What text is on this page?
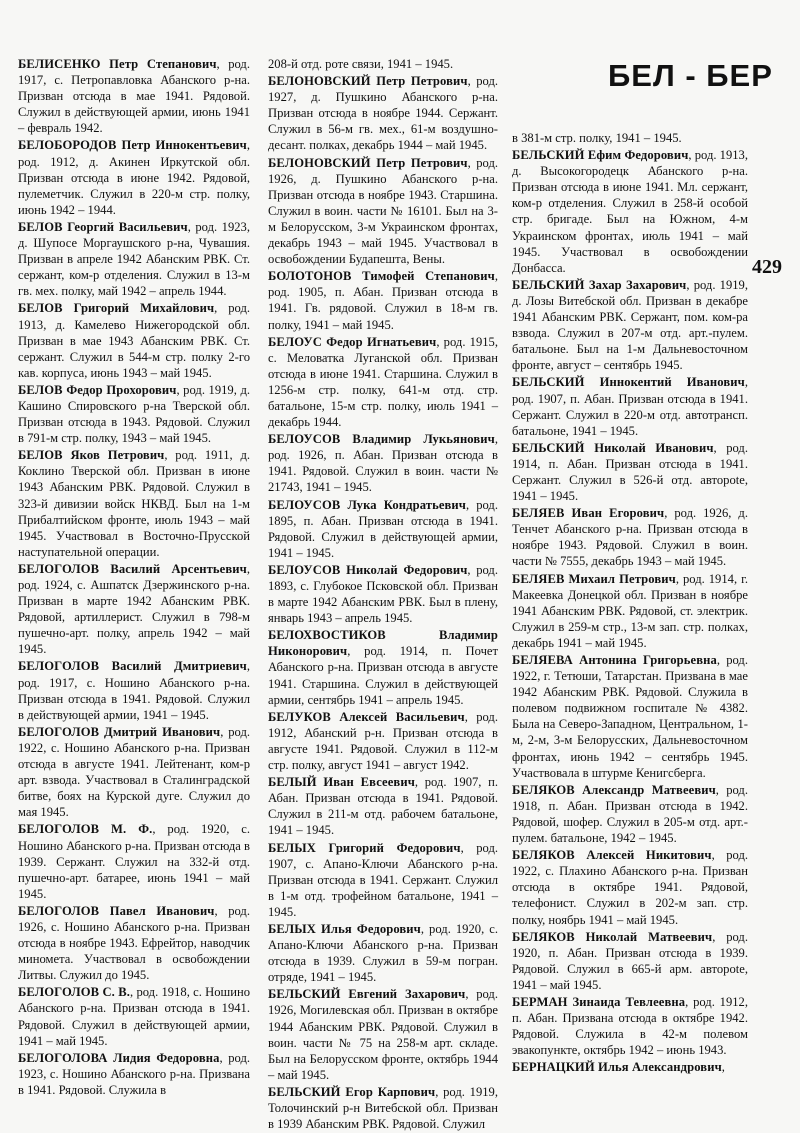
БЕЛ - БЕР
429
БЕЛИСЕНКО Петр Степанович, род. 1917, с. Петропавловка Абанского р-на. Призван отсюда в мае 1941. Рядовой. Служил в действующей армии, июнь 1941 – февраль 1942.
БЕЛОБОРОДОВ Петр Иннокентьевич, род. 1912, д. Акинен Иркутской обл. Призван отсюда в июне 1942. Рядовой, пулеметчик. Служил в 220-м стр. полку, июнь 1942 – 1944.
БЕЛОВ Георгий Васильевич, род. 1923, д. Шупосе Моргаушского р-на, Чувашия. Призван в апреле 1942 Абанским РВК. Ст. сержант, ком-р отделения. Служил в 13-м гв. мех. полку, май 1942 – апрель 1944.
БЕЛОВ Григорий Михайлович, род. 1913, д. Камелево Нижегородской обл. Призван в мае 1943 Абанским РВК. Ст. сержант. Служил в 544-м стр. полку 2-го кав. корпуса, июнь 1943 – май 1945.
БЕЛОВ Федор Прохорович, род. 1919, д. Кашино Спировского р-на Тверской обл. Призван отсюда в 1943. Рядовой. Служил в 791-м стр. полку, 1943 – май 1945.
БЕЛОВ Яков Петрович, род. 1911, д. Коклино Тверской обл. Призван в июне 1943 Абанским РВК. Рядовой. Служил в 323-й дивизии войск НКВД. Был на 1-м Прибалтийском фронте, июль 1943 – май 1945. Участвовал в Восточно-Прусской наступательной операции.
БЕЛОГОЛОВ Василий Арсентьевич, род. 1924, с. Ашпатск Дзержинского р-на. Призван в марте 1942 Абанским РВК. Рядовой, артиллерист. Служил в 798-м пушечно-арт. полку, апрель 1942 – май 1945.
БЕЛОГОЛОВ Василий Дмитриевич, род. 1917, с. Ношино Абанского р-на. Призван отсюда в 1941. Рядовой. Служил в действующей армии, 1941 – 1945.
БЕЛОГОЛОВ Дмитрий Иванович, род. 1922, с. Ношино Абанского р-на. Призван отсюда в августе 1941. Лейтенант, ком-р арт. взвода. Участвовал в Сталинградской битве, боях на Курской дуге. Служил до мая 1945.
БЕЛОГОЛОВ М. Ф., род. 1920, с. Ношино Абанского р-на. Призван отсюда в 1939. Сержант. Служил на 332-й отд. пушечно-арт. батарее, июнь 1941 – май 1945.
БЕЛОГОЛОВ Павел Иванович, род. 1926, с. Ношино Абанского р-на. Призван отсюда в ноябре 1943. Ефрейтор, наводчик миномета. Участвовал в освобождении Литвы. Служил до 1945.
БЕЛОГОЛОВ С. В., род. 1918, с. Ношино Абанского р-на. Призван отсюда в 1941. Рядовой. Служил в действующей армии, 1941 – май 1945.
БЕЛОГОЛОВА Лидия Федоровна, род. 1923, с. Ношино Абанского р-на. Призвана в 1941. Рядовой. Служила в
208-й отд. роте связи, 1941 – 1945.
БЕЛОНОВСКИЙ Петр Петрович, род. 1927, д. Пушкино Абанского р-на. Призван отсюда в ноябре 1944. Сержант. Служил в 56-м гв. мех., 61-м воздушно-десант. полках, декабрь 1944 – май 1945.
БЕЛОНОВСКИЙ Петр Петрович, род. 1926, д. Пушкино Абанского р-на. Призван отсюда в ноябре 1943. Старшина. Служил в воин. части № 16101. Был на 3-м Белорусском, 3-м Украинском фронтах, декабрь 1943 – май 1945. Участвовал в освобождении Будапешта, Вены.
БОЛОТОНОВ Тимофей Степанович, род. 1905, п. Абан. Призван отсюда в 1941. Гв. рядовой. Служил в 18-м гв. полку, 1941 – май 1945.
БЕЛОУС Федор Игнатьевич, род. 1915, с. Меловатка Луганской обл. Призван отсюда в июне 1941. Старшина. Служил в 1256-м стр. полку, 641-м отд. стр. батальоне, 15-м стр. полку, июль 1941 – декабрь 1944.
БЕЛОУСОВ Владимир Лукьянович, род. 1926, п. Абан. Призван отсюда в 1941. Рядовой. Служил в воин. части № 21743, 1941 – 1945.
БЕЛОУСОВ Лука Кондратьевич, род. 1895, п. Абан. Призван отсюда в 1941. Рядовой. Служил в действующей армии, 1941 – 1945.
БЕЛОУСОВ Николай Федорович, род. 1893, с. Глубокое Псковской обл. Призван в марте 1942 Абанским РВК. Был в плену, январь 1943 – апрель 1945.
БЕЛОХВОСТИКОВ Владимир Никонорович, род. 1914, п. Почет Абанского р-на. Призван отсюда в августе 1941. Старшина. Служил в действующей армии, сентябрь 1941 – апрель 1945.
БЕЛУКОВ Алексей Васильевич, род. 1912, Абанский р-н. Призван отсюда в августе 1941. Рядовой. Служил в 112-м стр. полку, август 1941 – август 1942.
БЕЛЫЙ Иван Евсеевич, род. 1907, п. Абан. Призван отсюда в 1941. Рядовой. Служил в 211-м отд. рабочем батальоне, 1941 – 1945.
БЕЛЫХ Григорий Федорович, род. 1907, с. Апано-Ключи Абанского р-на. Призван отсюда в 1941. Сержант. Служил в 1-м отд. трофейном батальоне, 1941 – 1945.
БЕЛЫХ Илья Федорович, род. 1920, с. Апано-Ключи Абанского р-на. Призван отсюда в 1939. Служил в 59-м погран. отряде, 1941 – 1945.
БЕЛЬСКИЙ Евгений Захарович, род. 1926, Могилевская обл. Призван в октябре 1944 Абанским РВК. Рядовой. Служил в воин. части № 75 на 258-м арт. складе. Был на Белорусском фронте, октябрь 1944 – май 1945.
БЕЛЬСКИЙ Егор Карпович, род. 1919, Толочинский р-н Витебской обл. Призван в 1939 Абанским РВК. Рядовой. Служил
в 381-м стр. полку, 1941 – 1945.
БЕЛЬСКИЙ Ефим Федорович, род. 1913, д. Высокогородецк Абанского р-на. Призван отсюда в июне 1941. Мл. сержант, ком-р отделения. Служил в 258-й особой стр. бригаде. Был на Южном, 4-м Украинском фронтах, июль 1941 – май 1945. Участвовал в освобождении Донбасса.
БЕЛЬСКИЙ Захар Захарович, род. 1919, д. Лозы Витебской обл. Призван в декабре 1941 Абанским РВК. Сержант, пом. ком-ра взвода. Служил в 207-м отд. арт.-пулем. батальоне. Был на 1-м Дальневосточном фронте, август – сентябрь 1945.
БЕЛЬСКИЙ Иннокентий Иванович, род. 1907, п. Абан. Призван отсюда в 1941. Сержант. Служил в 220-м отд. автотрансп. батальоне, 1941 – 1945.
БЕЛЬСКИЙ Николай Иванович, род. 1914, п. Абан. Призван отсюда в 1941. Сержант. Служил в 526-й отд. авторote, 1941 – 1945.
БЕЛЯЕВ Иван Егорович, род. 1926, д. Тенчет Абанского р-на. Призван отсюда в ноябре 1943. Рядовой. Служил в воин. части № 7555, декабрь 1943 – май 1945.
БЕЛЯЕВ Михаил Петрович, род. 1914, г. Макеевка Донецкой обл. Призван в ноябре 1941 Абанским РВК. Рядовой, ст. электрик. Служил в 259-м стр., 13-м зап. стр. полках, декабрь 1941 – май 1945.
БЕЛЯЕВА Антонина Григорьевна, род. 1922, г. Тетюши, Татарстан. Призвана в мае 1942 Абанским РВК. Рядовой. Служила в полевом подвижном госпитале № 4382. Была на Северо-Западном, Центральном, 1-м, 2-м, 3-м Белорусских, Дальневосточном фронтах, июнь 1942 – сентябрь 1945. Участвовала в штурме Кенигсберга.
БЕЛЯКОВ Александр Матвеевич, род. 1918, п. Абан. Призван отсюда в 1942. Рядовой, шофер. Служил в 205-м отд. арт.-пулем. батальоне, 1942 – 1945.
БЕЛЯКОВ Алексей Никитович, род. 1922, с. Плахино Абанского р-на. Призван отсюда в октябре 1941. Рядовой, телефонист. Служил в 202-м зап. стр. полку, ноябрь 1941 – май 1945.
БЕЛЯКОВ Николай Матвеевич, род. 1920, п. Абан. Призван отсюда в 1939. Рядовой. Служил в 665-й арм. авторote, 1941 – май 1945.
БЕРМАН Зинаида Тевлеевна, род. 1912, п. Абан. Призвана отсюда в октябре 1942. Рядовой. Служила в 42-м полевом эвакопункте, октябрь 1942 – июнь 1943.
БЕРНАЦКИЙ Илья Александрович,
